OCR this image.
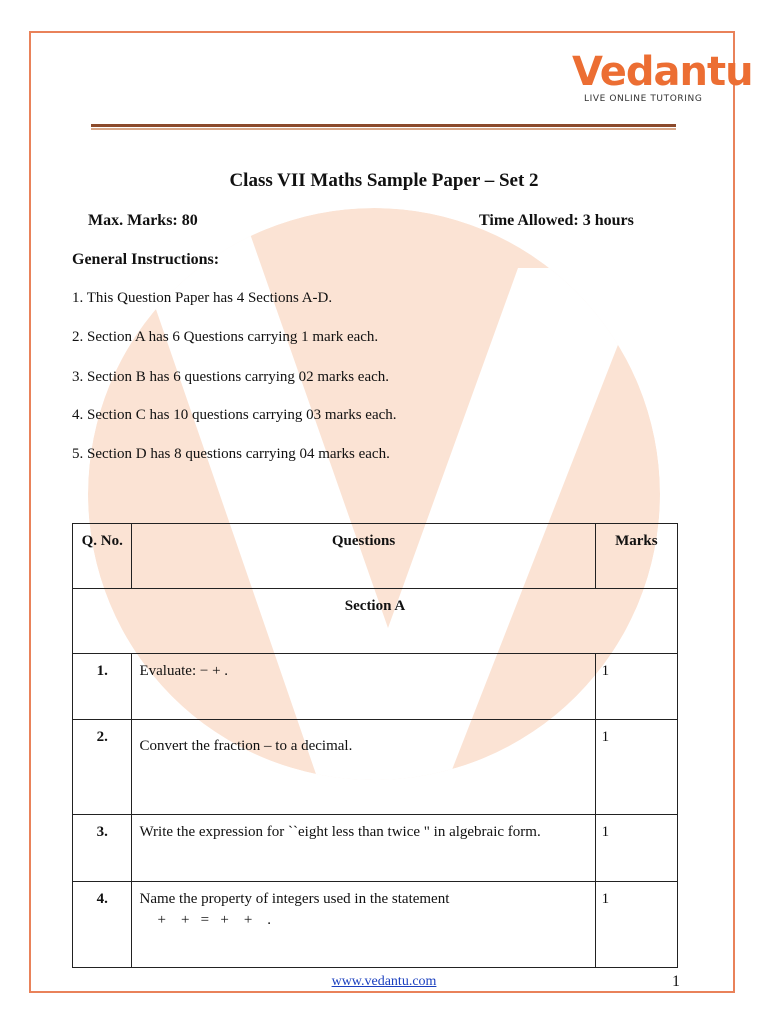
Vedantu
LIVE ONLINE TUTORING
Class VII Maths Sample Paper – Set 2
Max. Marks: 80	Time Allowed: 3 hours
General Instructions:
1. This Question Paper has 4 Sections A-D.
2. Section A has 6 Questions carrying 1 mark each.
3. Section B has 6 questions carrying 02 marks each.
4. Section C has 10 questions carrying 03 marks each.
5. Section D has 8 questions carrying 04 marks each.
Q. No.	Questions	Marks
Section A		
1.	Evaluate: − + .	1
2.	Convert the fraction – to a decimal.	1
3.	Write the expression for ``eight less than twice " in algebraic form.	1
4.	Name the property of integers used in the statement
+    +   =   +    +    .	1
www.vedantu.com	1
